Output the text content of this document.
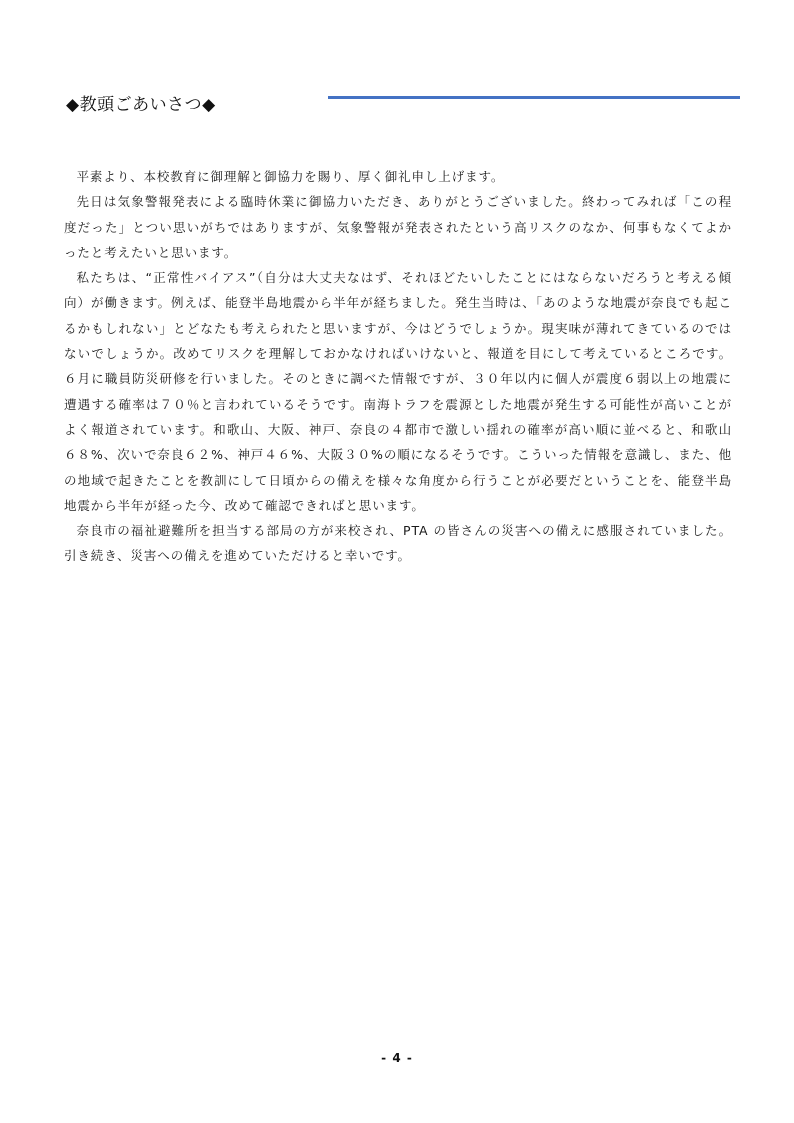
◆教頭ごあいさつ◆

平素より、本校教育に御理解と御協力を賜り、厚く御礼申し上げます。

先日は気象警報発表による臨時休業に御協力いただき、ありがとうございました。終わってみれば「この程度だった」とつい思いがちではありますが、気象警報が発表されたという高リスクのなか、何事もなくてよかったと考えたいと思います。

私たちは、“正常性バイアス”（自分は大丈夫なはず、それほどたいしたことにはならないだろうと考える傾向）が働きます。例えば、能登半島地震から半年が経ちました。発生当時は、「あのような地震が奈良でも起こるかもしれない」とどなたも考えられたと思いますが、今はどうでしょうか。現実味が薄れてきているのではないでしょうか。改めてリスクを理解しておかなければいけないと、報道を目にして考えているところです。６月に職員防災研修を行いました。そのときに調べた情報ですが、３０年以内に個人が震度６弱以上の地震に遭遇する確率は７０％と言われているそうです。南海トラフを震源とした地震が発生する可能性が高いことがよく報道されています。和歌山、大阪、神戸、奈良の４都市で激しい揺れの確率が高い順に並べると、和歌山６８%、次いで奈良６２%、神戸４６%、大阪３０%の順になるそうです。こういった情報を意識し、また、他の地域で起きたことを教訓にして日頃からの備えを様々な角度から行うことが必要だということを、能登半島地震から半年が経った今、改めて確認できればと思います。

奈良市の福祉避難所を担当する部局の方が来校され、PTA の皆さんの災害への備えに感服されていました。引き続き、災害への備えを進めていただけると幸いです。

- 4 -
